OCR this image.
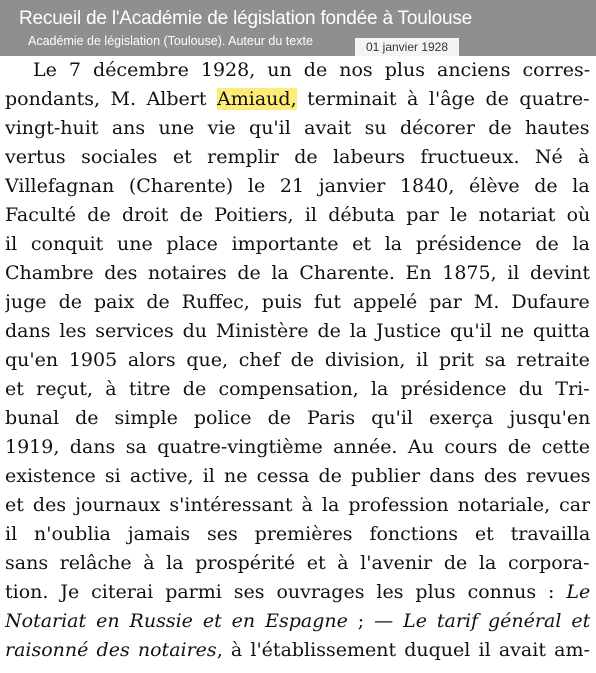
Recueil de l'Académie de législation fondée à Toulouse
Académie de législation (Toulouse). Auteur du texte	01 janvier 1928
Le 7 décembre 1928, un de nos plus anciens corres-
pondants, M. Albert Amiaud, terminait à l'âge de quatre-
vingt-huit ans une vie qu'il avait su décorer de hautes
vertus sociales et remplir de labeurs fructueux. Né à
Villefagnan (Charente) le 21 janvier 1840, élève de la
Faculté de droit de Poitiers, il débuta par le notariat où
il conquit une place importante et la présidence de la
Chambre des notaires de la Charente. En 1875, il devint
juge de paix de Ruffec, puis fut appelé par M. Dufaure
dans les services du Ministère de la Justice qu'il ne quitta
qu'en 1905 alors que, chef de division, il prit sa retraite
et reçut, à titre de compensation, la présidence du Tri-
bunal de simple police de Paris qu'il exerça jusqu'en
1919, dans sa quatre-vingtième année. Au cours de cette
existence si active, il ne cessa de publier dans des revues
et des journaux s'intéressant à la profession notariale, car
il n'oublia jamais ses premières fonctions et travailla
sans relâche à la prospérité et à l'avenir de la corpora-
tion. Je citerai parmi ses ouvrages les plus connus : Le
Notariat en Russie et en Espagne ; — Le tarif général et
raisonné des notaires, à l'établissement duquel il avait am-
